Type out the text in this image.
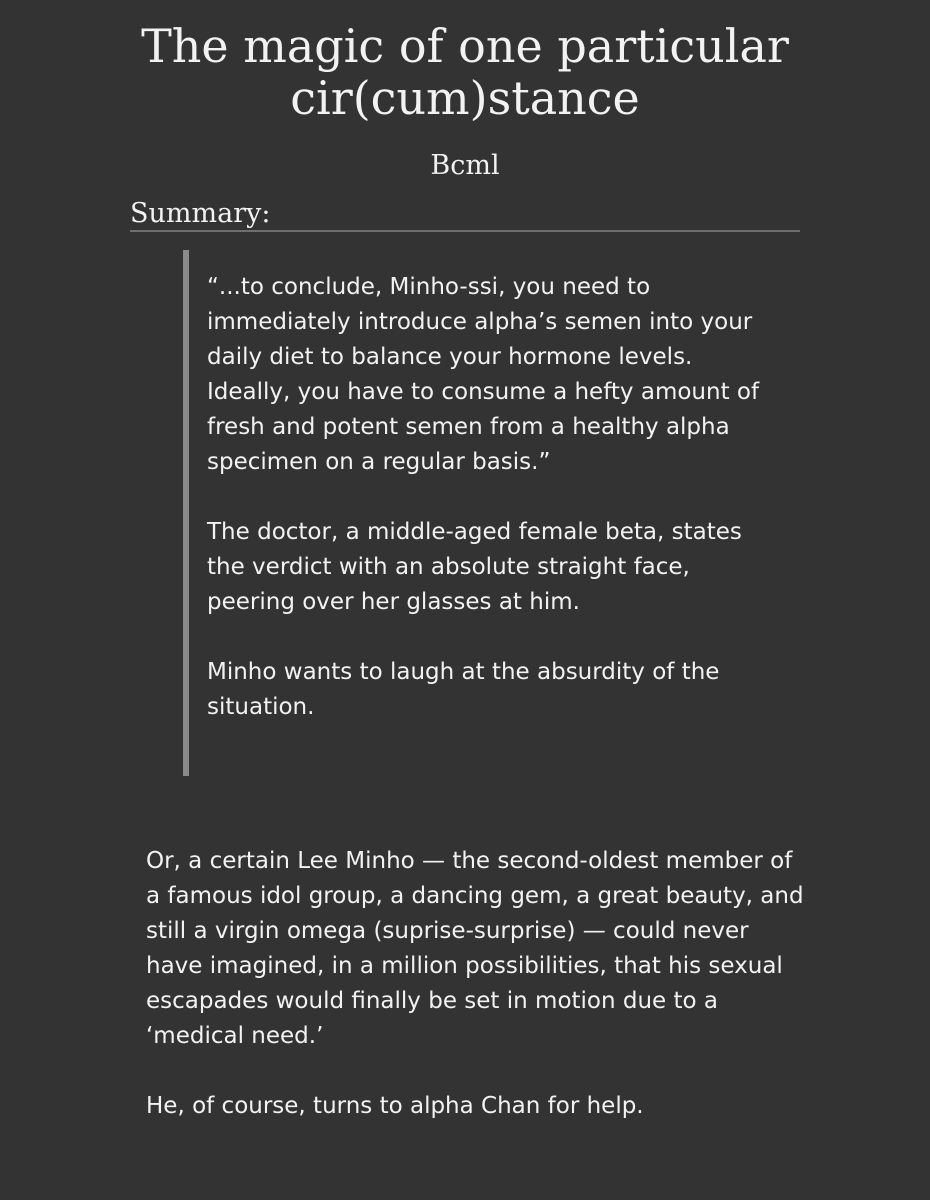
The magic of one particular
cir(cum)stance
Bcml
Summary:

“...to conclude, Minho-ssi, you need to immediately introduce alpha’s semen into your daily diet to balance your hormone levels. Ideally, you have to consume a hefty amount of fresh and potent semen from a healthy alpha specimen on a regular basis.”

The doctor, a middle-aged female beta, states the verdict with an absolute straight face, peering over her glasses at him.

Minho wants to laugh at the absurdity of the situation.

Or, a certain Lee Minho — the second-oldest member of a famous idol group, a dancing gem, a great beauty, and still a virgin omega (suprise-surprise) — could never have imagined, in a million possibilities, that his sexual escapades would finally be set in motion due to a ‘medical need.’

He, of course, turns to alpha Chan for help.
